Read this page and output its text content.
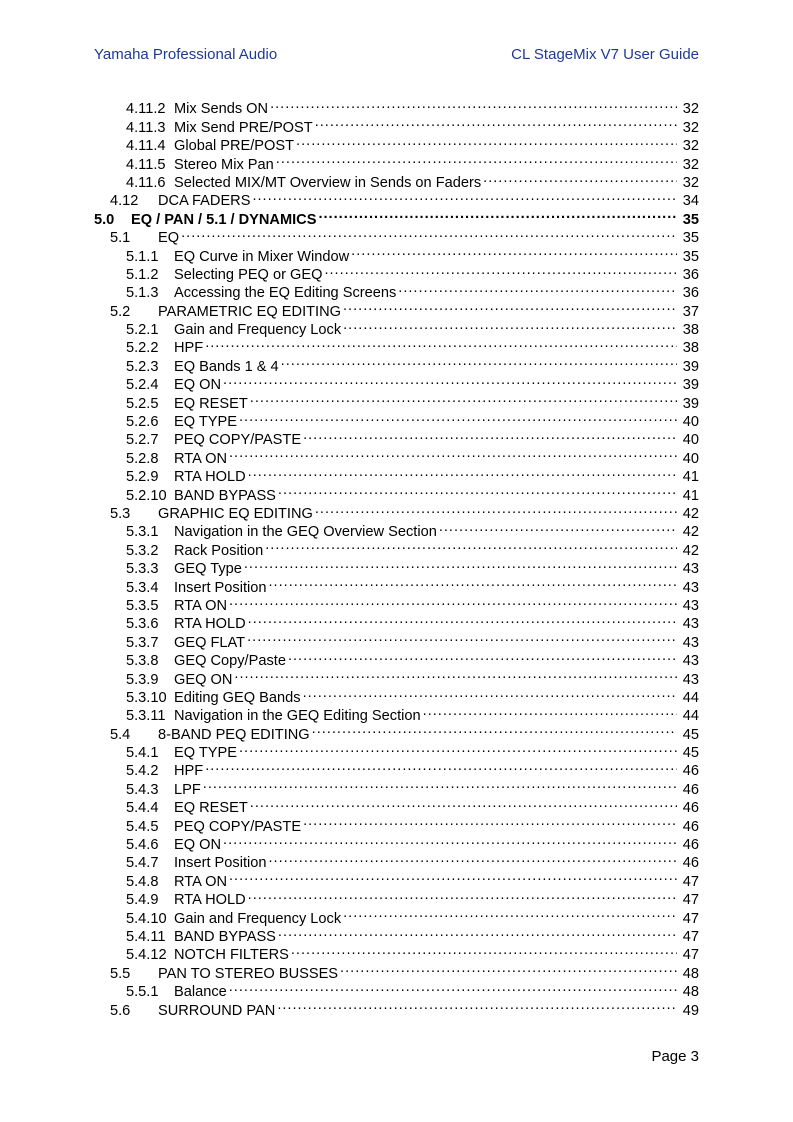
Yamaha Professional Audio	CL StageMix V7 User Guide
4.11.2 Mix Sends ON .....	32
4.11.3 Mix Send PRE/POST .....	32
4.11.4 Global PRE/POST .....	32
4.11.5 Stereo Mix Pan .....	32
4.11.6 Selected MIX/MT Overview in Sends on Faders .....	32
4.12	DCA FADERS .....	34
5.0	EQ / PAN / 5.1 / DYNAMICS .....	35
5.1	EQ .....	35
5.1.1	EQ Curve in Mixer Window .....	35
5.1.2	Selecting PEQ or GEQ .....	36
5.1.3	Accessing the EQ Editing Screens .....	36
5.2	PARAMETRIC EQ EDITING .....	37
5.2.1	Gain and Frequency Lock .....	38
5.2.2	HPF .....	38
5.2.3	EQ Bands 1 & 4 .....	39
5.2.4	EQ ON .....	39
5.2.5	EQ RESET .....	39
5.2.6	EQ TYPE .....	40
5.2.7	PEQ COPY/PASTE .....	40
5.2.8	RTA ON .....	40
5.2.9	RTA HOLD .....	41
5.2.10 BAND BYPASS .....	41
5.3	GRAPHIC EQ EDITING .....	42
5.3.1	Navigation in the GEQ Overview Section .....	42
5.3.2	Rack Position .....	42
5.3.3	GEQ Type .....	43
5.3.4	Insert Position .....	43
5.3.5	RTA ON .....	43
5.3.6	RTA HOLD .....	43
5.3.7	GEQ FLAT .....	43
5.3.8	GEQ Copy/Paste .....	43
5.3.9	GEQ ON .....	43
5.3.10 Editing GEQ Bands .....	44
5.3.11 Navigation in the GEQ Editing Section .....	44
5.4	8-BAND PEQ EDITING .....	45
5.4.1	EQ TYPE .....	45
5.4.2	HPF .....	46
5.4.3	LPF .....	46
5.4.4	EQ RESET .....	46
5.4.5	PEQ COPY/PASTE .....	46
5.4.6	EQ ON .....	46
5.4.7	Insert Position .....	46
5.4.8	RTA ON .....	47
5.4.9	RTA HOLD .....	47
5.4.10 Gain and Frequency Lock .....	47
5.4.11 BAND BYPASS .....	47
5.4.12 NOTCH FILTERS .....	47
5.5	PAN TO STEREO BUSSES .....	48
5.5.1	Balance .....	48
5.6	SURROUND PAN .....	49
Page 3
